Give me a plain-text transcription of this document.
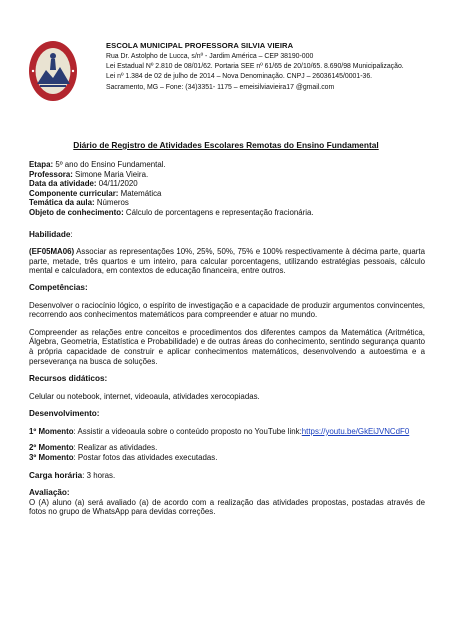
ESCOLA MUNICIPAL PROFESSORA SILVIA VIEIRA
Rua Dr. Astolpho de Lucca, s/nº - Jardim América – CEP 38190-000
Lei Estadual Nº 2.810 de 08/01/62. Portaria SEE nº 61/65 de 20/10/65. 8.690/98 Municipalização.
Lei nº 1.384 de 02 de julho de 2014 – Nova Denominação. CNPJ – 26036145/0001-36.
Sacramento, MG – Fone: (34)3351- 1175 – emeisilviavieira17 @gmail.com
Diário de Registro de Atividades Escolares Remotas do Ensino Fundamental

Etapa: 5º ano do Ensino Fundamental.

Professora: Simone Maria Vieira.

Data da atividade: 04/11/2020

Componente curricular: Matemática

Temática da aula: Números

Objeto de conhecimento: Cálculo de porcentagens e representação fracionária.

Habilidade:

(EF05MA06) Associar as representações 10%, 25%, 50%, 75% e 100% respectivamente à décima parte, quarta parte, metade, três quartos e um inteiro, para calcular porcentagens, utilizando estratégias pessoais, cálculo mental e calculadora, em contextos de educação financeira, entre outros.

Competências:

Desenvolver o raciocínio lógico, o espírito de investigação e a capacidade de produzir argumentos convincentes, recorrendo aos conhecimentos matemáticos para compreender e atuar no mundo.

Compreender as relações entre conceitos e procedimentos dos diferentes campos da Matemática (Aritmética, Álgebra, Geometria, Estatística e Probabilidade) e de outras áreas do conhecimento, sentindo segurança quanto à própria capacidade de construir e aplicar conhecimentos matemáticos, desenvolvendo a autoestima e a perseverança na busca de soluções.

Recursos didáticos:

Celular ou notebook, internet, videoaula, atividades xerocopiadas.

Desenvolvimento:

1º Momento: Assistir a videoaula sobre o conteúdo proposto no YouTube link:https://youtu.be/GkEiJVNCdF0

2º Momento: Realizar as atividades.

3º Momento: Postar fotos das atividades executadas.

Carga horária: 3 horas.

Avaliação:

O (A) aluno (a) será avaliado (a) de acordo com a realização das atividades propostas, postadas através de fotos no grupo de WhatsApp para devidas correções.
